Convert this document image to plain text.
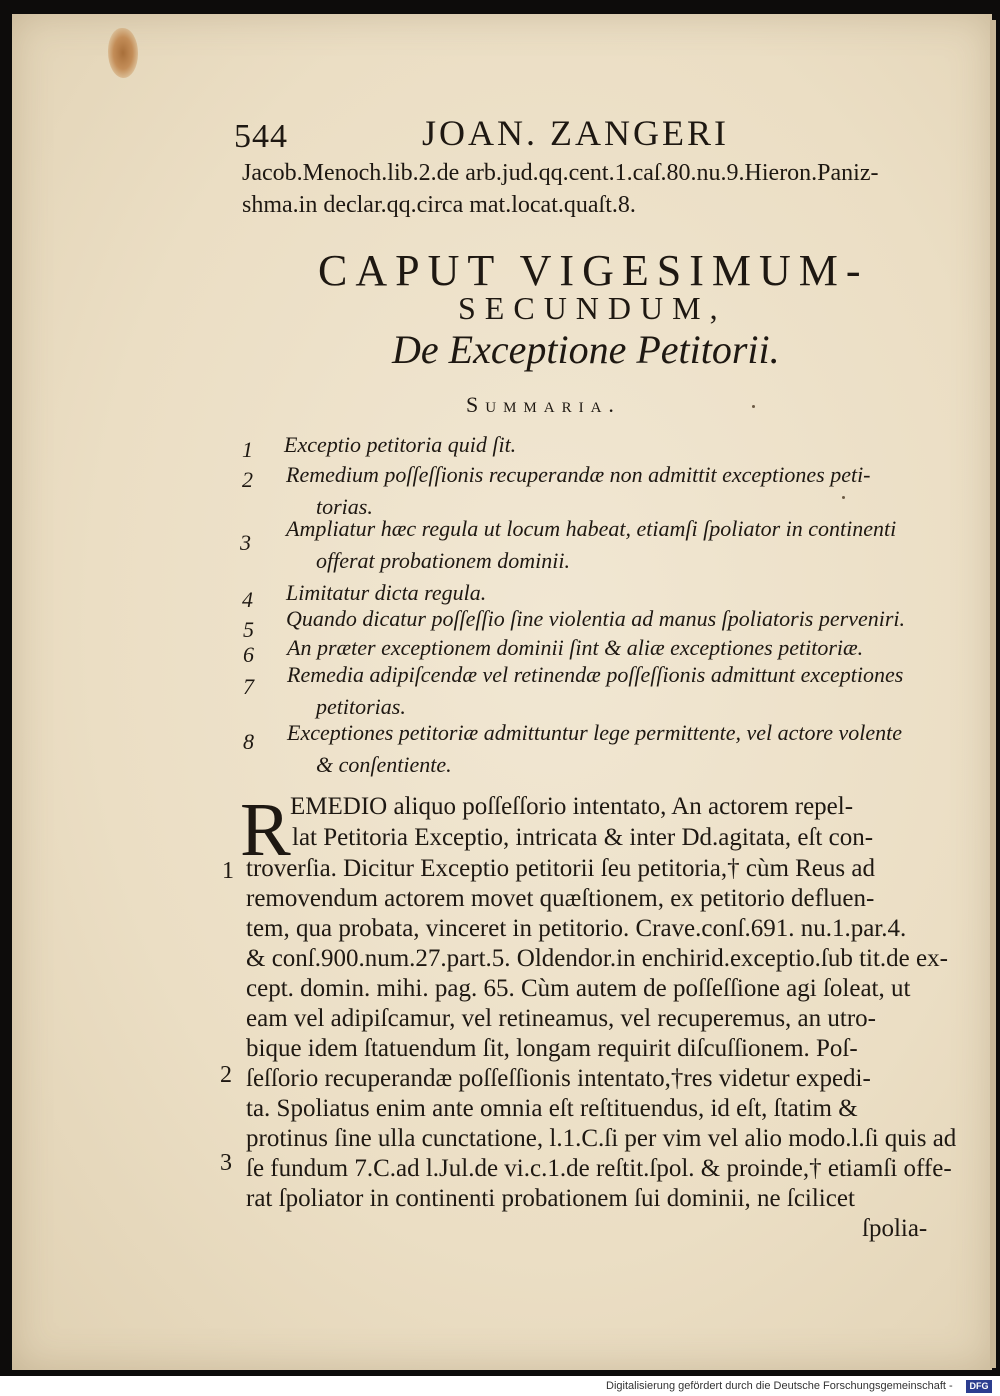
544	JOAN. ZANGERI
Jacob.Menoch.lib.2.de arb.jud.qq.cent.1.caſ.80.nu.9.Hieron.Paniz-
shma.in declar.qq.circa mat.locat.quaſt.8.
CAPUT VIGESIMUM-
SECUNDUM,
De Exceptione Petitorii.
Summaria.
1 Exceptio petitoria quid ſit.
2 Remedium poſſeſſionis recuperandæ non admittit exceptiones peti-
torias.
3
Ampliatur hæc regula ut locum habeat, etiamſi ſpoliator in continenti
offerat probationem dominii.
4 Limitatur dicta regula.
5 Quando dicatur poſſeſſio ſine violentia ad manus ſpoliatoris perveniri.
6 An præter exceptionem dominii ſint & aliæ exceptiones petitoriæ.
7 Remedia adipiſcendæ vel retinendæ poſſeſſionis admittunt exceptiones
petitorias.
8 Exceptiones petitoriæ admittuntur lege permittente, vel actore volente
& conſentiente.
R EMEDIO aliquo poſſeſſorio intentato, An actorem repel-
lat Petitoria Exceptio, intricata & inter Dd.agitata, eſt con-
troverſia. Dicitur Exceptio petitorii ſeu petitoria,† cùm Reus ad
removendum actorem movet quæſtionem, ex petitorio defluen-
tem, qua probata, vinceret in petitorio. Crave.conſ.691. nu.1.par.4.
& conſ.900.num.27.part.5. Oldendor.in enchirid.exceptio.ſub tit.de ex-
cept. domin. mihi. pag. 65. Cùm autem de poſſeſſione agi ſoleat, ut
eam vel adipiſcamur, vel retineamus, vel recuperemus, an utro-
bique idem ſtatuendum ſit, longam requirit diſcuſſionem. Poſ-
ſeſſorio recuperandæ poſſeſſionis intentato,†res videtur expedi-
ta. Spoliatus enim ante omnia eſt reſtituendus, id eſt, ſtatim &
protinus ſine ulla cunctatione, l.1.C.ſi per vim vel alio modo.l.ſi quis ad
ſe fundum 7.C.ad l.Jul.de vi.c.1.de reſtit.ſpol. & proinde,† etiamſi offe-
rat ſpoliator in continenti probationem ſui dominii, ne ſcilicet
ſpolia-
1
2
3
Digitalisierung gefördert durch die Deutsche Forschungsgemeinschaft -	DFG
